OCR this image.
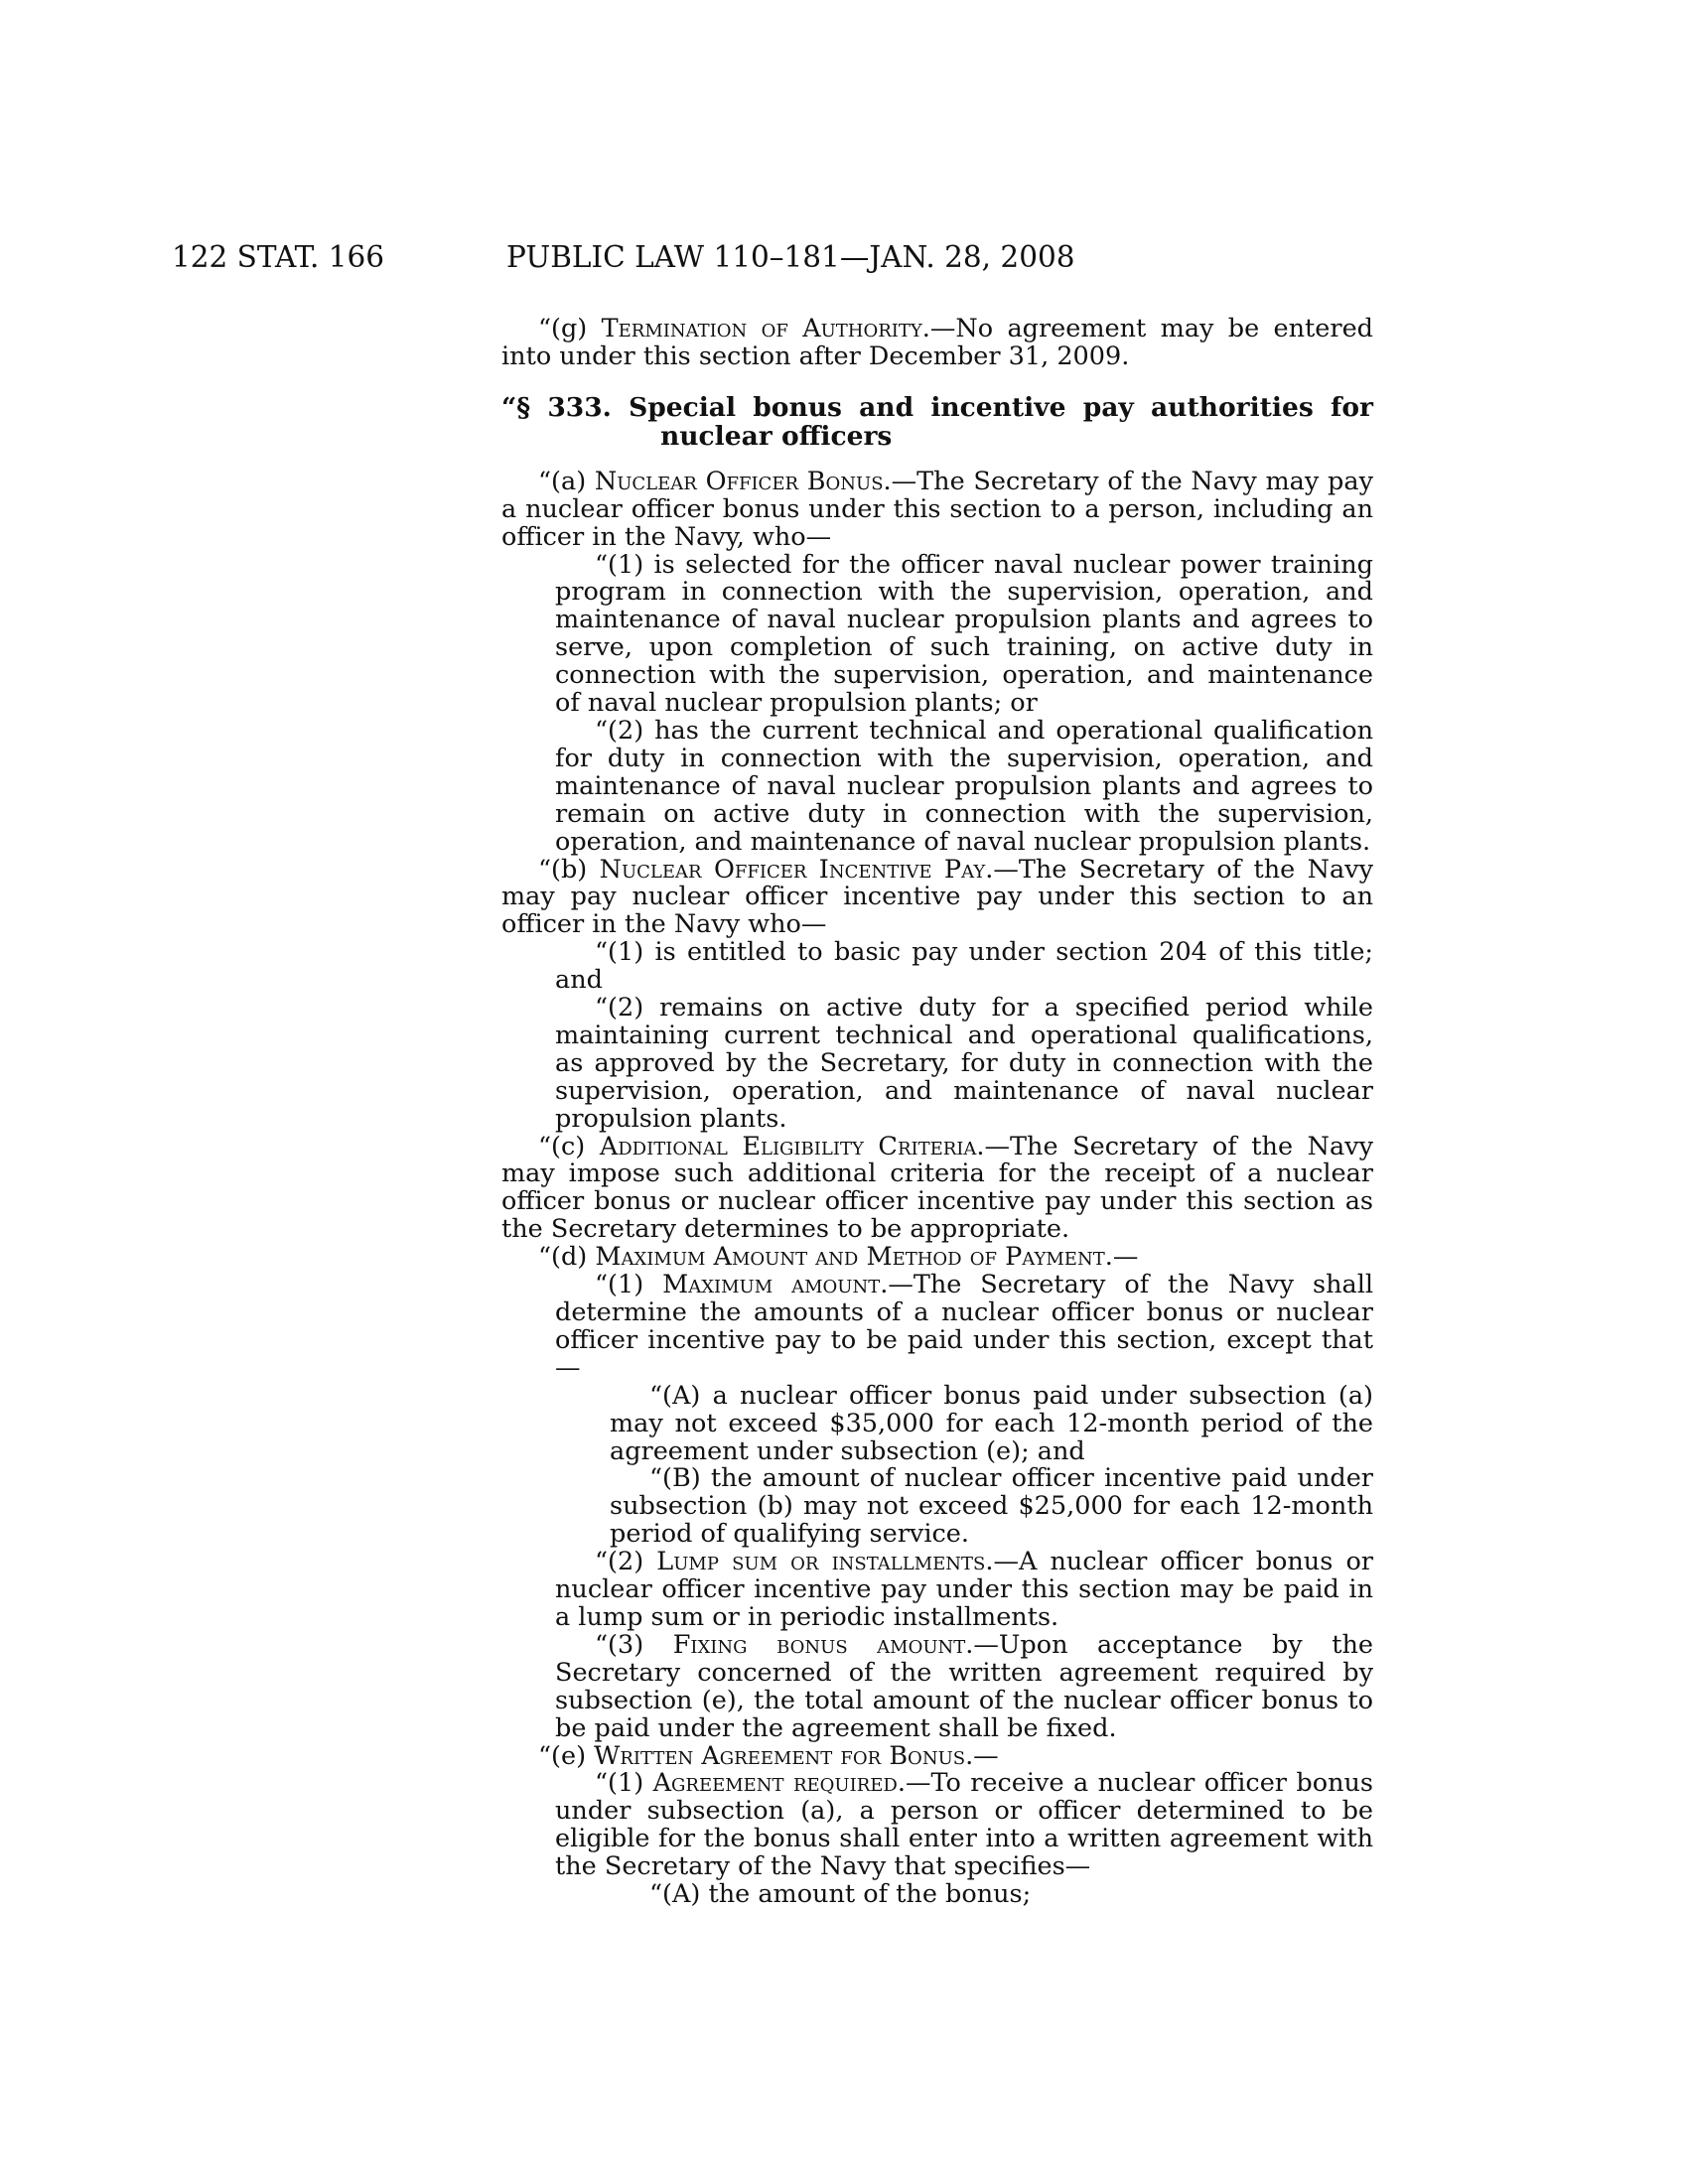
122 STAT. 166	PUBLIC LAW 110–181—JAN. 28, 2008

“(g) Termination of Authority.—No agreement may be entered into under this section after December 31, 2009.

“§ 333. Special bonus and incentive pay authorities for nuclear officers

“(a) Nuclear Officer Bonus.—The Secretary of the Navy may pay a nuclear officer bonus under this section to a person, including an officer in the Navy, who—

“(1) is selected for the officer naval nuclear power training program in connection with the supervision, operation, and maintenance of naval nuclear propulsion plants and agrees to serve, upon completion of such training, on active duty in connection with the supervision, operation, and maintenance of naval nuclear propulsion plants; or

“(2) has the current technical and operational qualification for duty in connection with the supervision, operation, and maintenance of naval nuclear propulsion plants and agrees to remain on active duty in connection with the supervision, operation, and maintenance of naval nuclear propulsion plants.

“(b) Nuclear Officer Incentive Pay.—The Secretary of the Navy may pay nuclear officer incentive pay under this section to an officer in the Navy who—

“(1) is entitled to basic pay under section 204 of this title; and

“(2) remains on active duty for a specified period while maintaining current technical and operational qualifications, as approved by the Secretary, for duty in connection with the supervision, operation, and maintenance of naval nuclear propulsion plants.

“(c) Additional Eligibility Criteria.—The Secretary of the Navy may impose such additional criteria for the receipt of a nuclear officer bonus or nuclear officer incentive pay under this section as the Secretary determines to be appropriate.

“(d) Maximum Amount and Method of Payment.—

“(1) Maximum amount.—The Secretary of the Navy shall determine the amounts of a nuclear officer bonus or nuclear officer incentive pay to be paid under this section, except that—

“(A) a nuclear officer bonus paid under subsection (a) may not exceed $35,000 for each 12-month period of the agreement under subsection (e); and

“(B) the amount of nuclear officer incentive paid under subsection (b) may not exceed $25,000 for each 12-month period of qualifying service.

“(2) Lump sum or installments.—A nuclear officer bonus or nuclear officer incentive pay under this section may be paid in a lump sum or in periodic installments.

“(3) Fixing bonus amount.—Upon acceptance by the Secretary concerned of the written agreement required by subsection (e), the total amount of the nuclear officer bonus to be paid under the agreement shall be fixed.

“(e) Written Agreement for Bonus.—

“(1) Agreement required.—To receive a nuclear officer bonus under subsection (a), a person or officer determined to be eligible for the bonus shall enter into a written agreement with the Secretary of the Navy that specifies—

“(A) the amount of the bonus;
